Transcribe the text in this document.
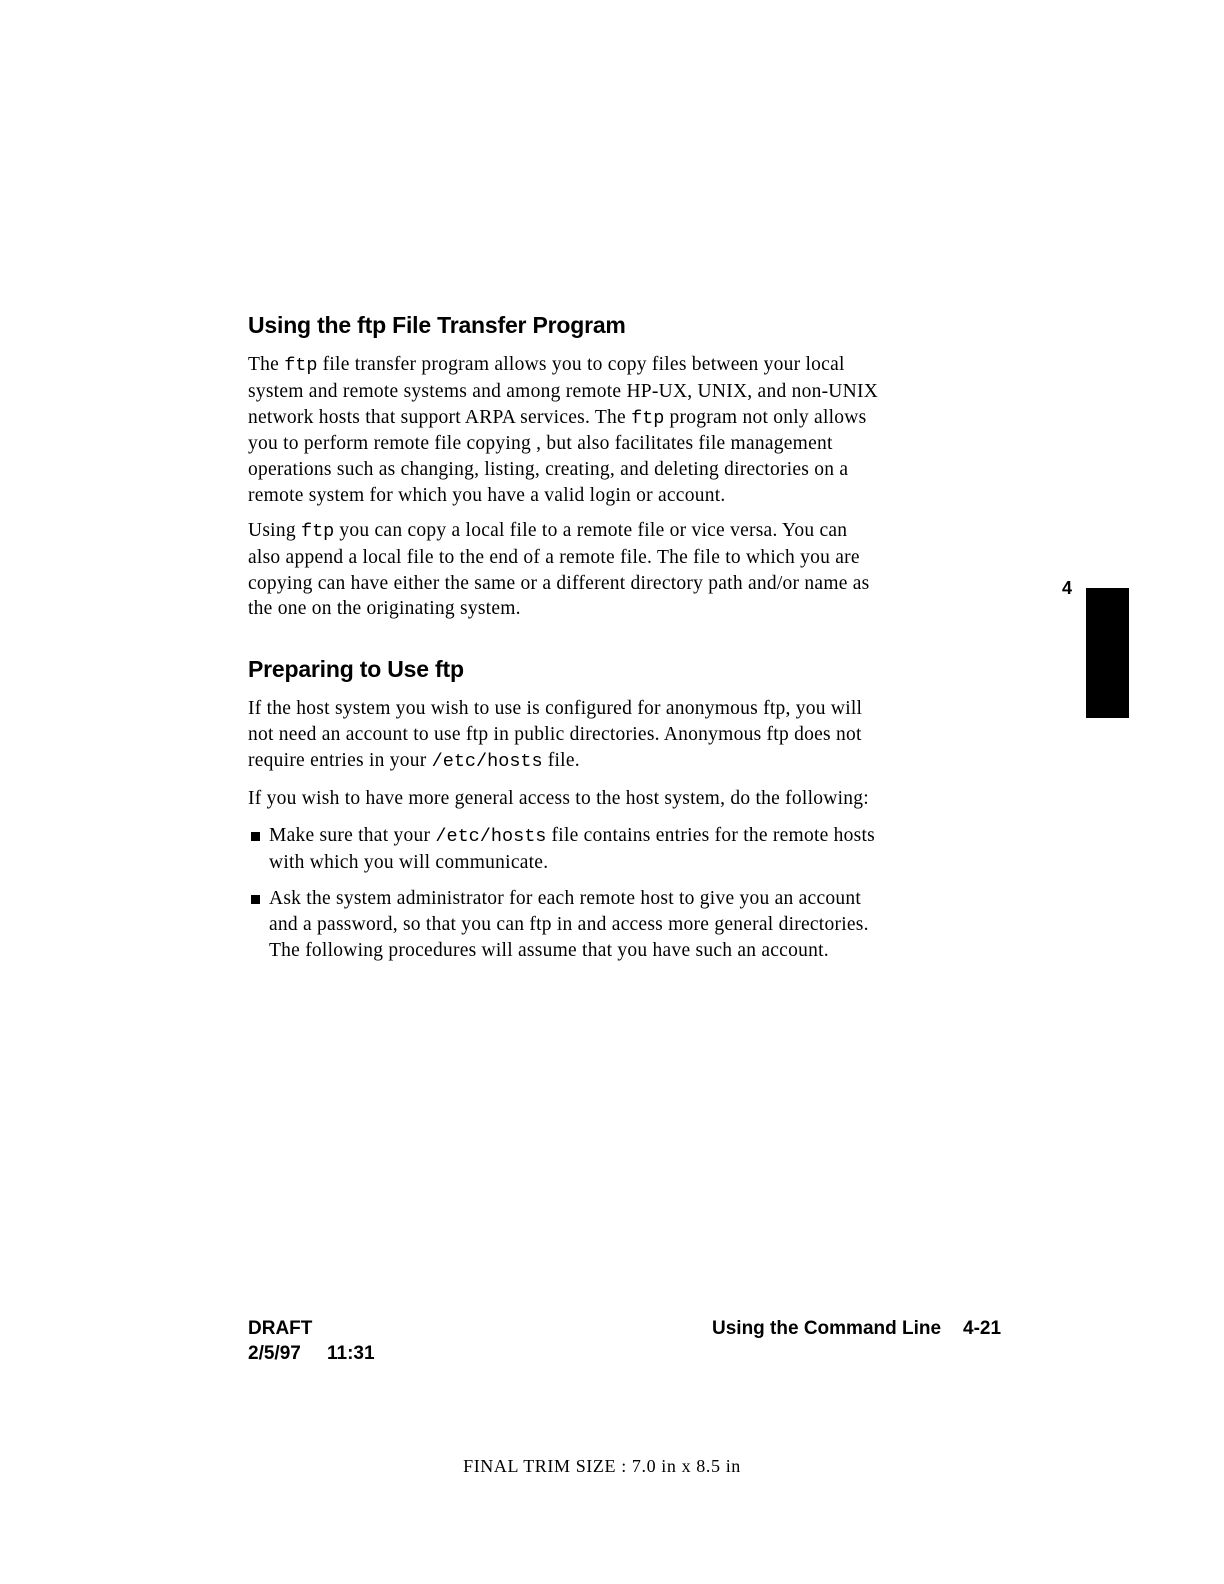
Using the ftp File Transfer Program

The ftp file transfer program allows you to copy files between your local
system and remote systems and among remote HP-UX, UNIX, and non-UNIX
network hosts that support ARPA services. The ftp program not only allows
you to perform remote file copying , but also facilitates file management
operations such as changing, listing, creating, and deleting directories on a
remote system for which you have a valid login or account.

Using ftp you can copy a local file to a remote file or vice versa. You can
also append a local file to the end of a remote file. The file to which you are
copying can have either the same or a different directory path and/or name as
the one on the originating system.

Preparing to Use ftp

If the host system you wish to use is configured for anonymous ftp, you will
not need an account to use ftp in public directories. Anonymous ftp does not
require entries in your /etc/hosts file.

If you wish to have more general access to the host system, do the following:

Make sure that your /etc/hosts file contains entries for the remote hosts
with which you will communicate.
Ask the system administrator for each remote host to give you an account
and a password, so that you can ftp in and access more general directories.
The following procedures will assume that you have such an account.
4
DRAFT
2/5/97 11:31
Using the Command Line 4-21
FINAL TRIM SIZE : 7.0 in x 8.5 in
